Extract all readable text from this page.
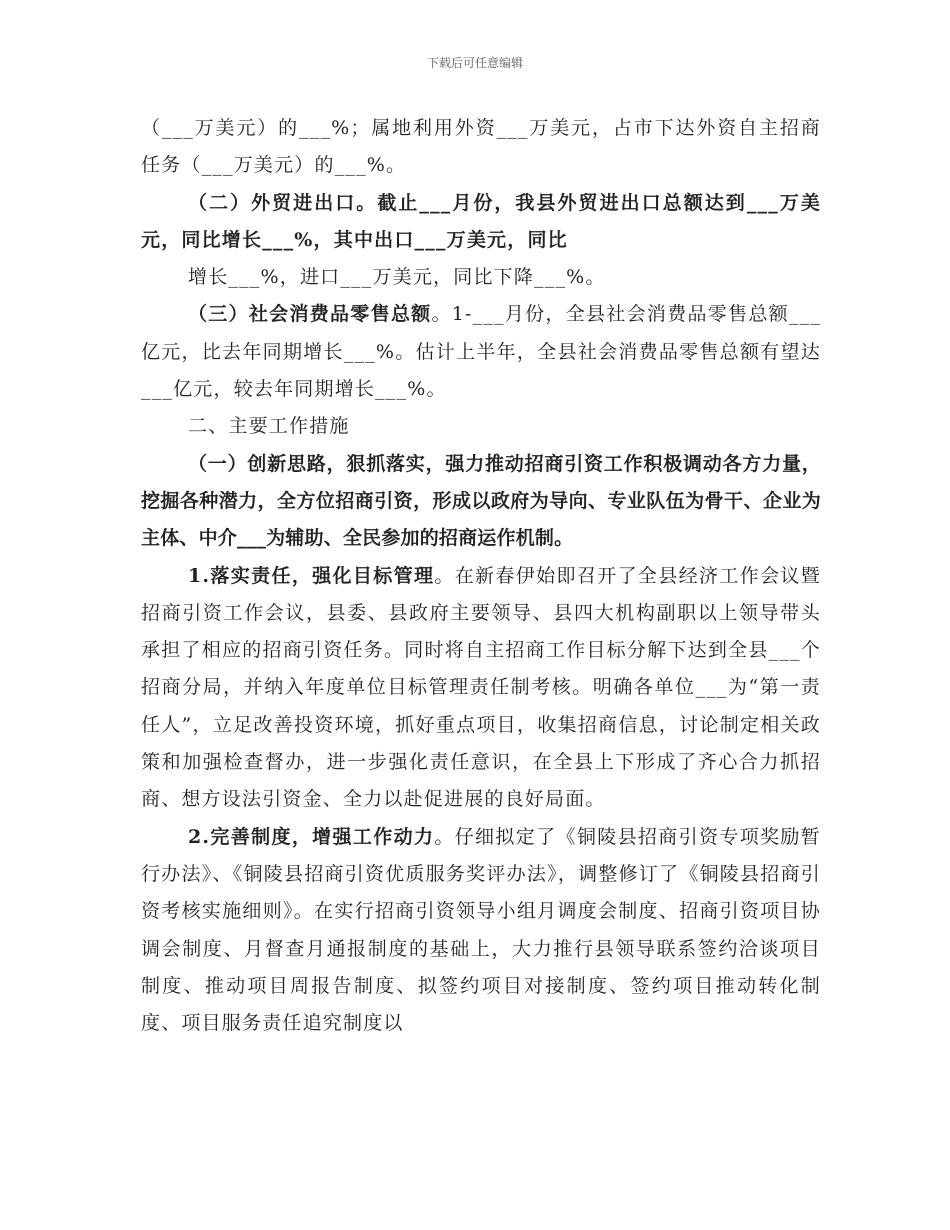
下载后可任意编辑

（___万美元）的___%；属地利用外资___万美元，占市下达外资自主招商任务（___万美元）的___%。

（二）外贸进出口。截止___月份，我县外贸进出口总额达到___万美元，同比增长___%，其中出口___万美元，同比

增长___%，进口___万美元，同比下降___%。

（三）社会消费品零售总额。1-___月份，全县社会消费品零售总额___亿元，比去年同期增长___%。估计上半年，全县社会消费品零售总额有望达___亿元，较去年同期增长___%。

二、主要工作措施

（一）创新思路，狠抓落实，强力推动招商引资工作积极调动各方力量，挖掘各种潜力，全方位招商引资，形成以政府为导向、专业队伍为骨干、企业为主体、中介___为辅助、全民参加的招商运作机制。

1.落实责任，强化目标管理。在新春伊始即召开了全县经济工作会议暨招商引资工作会议，县委、县政府主要领导、县四大机构副职以上领导带头承担了相应的招商引资任务。同时将自主招商工作目标分解下达到全县___个招商分局，并纳入年度单位目标管理责任制考核。明确各单位___为“第一责任人”，立足改善投资环境，抓好重点项目，收集招商信息，讨论制定相关政策和加强检查督办，进一步强化责任意识，在全县上下形成了齐心合力抓招商、想方设法引资金、全力以赴促进展的良好局面。

2.完善制度，增强工作动力。仔细拟定了《铜陵县招商引资专项奖励暂行办法》、《铜陵县招商引资优质服务奖评办法》，调整修订了《铜陵县招商引资考核实施细则》。在实行招商引资领导小组月调度会制度、招商引资项目协调会制度、月督查月通报制度的基础上，大力推行县领导联系签约洽谈项目制度、推动项目周报告制度、拟签约项目对接制度、签约项目推动转化制度、项目服务责任追究制度以
